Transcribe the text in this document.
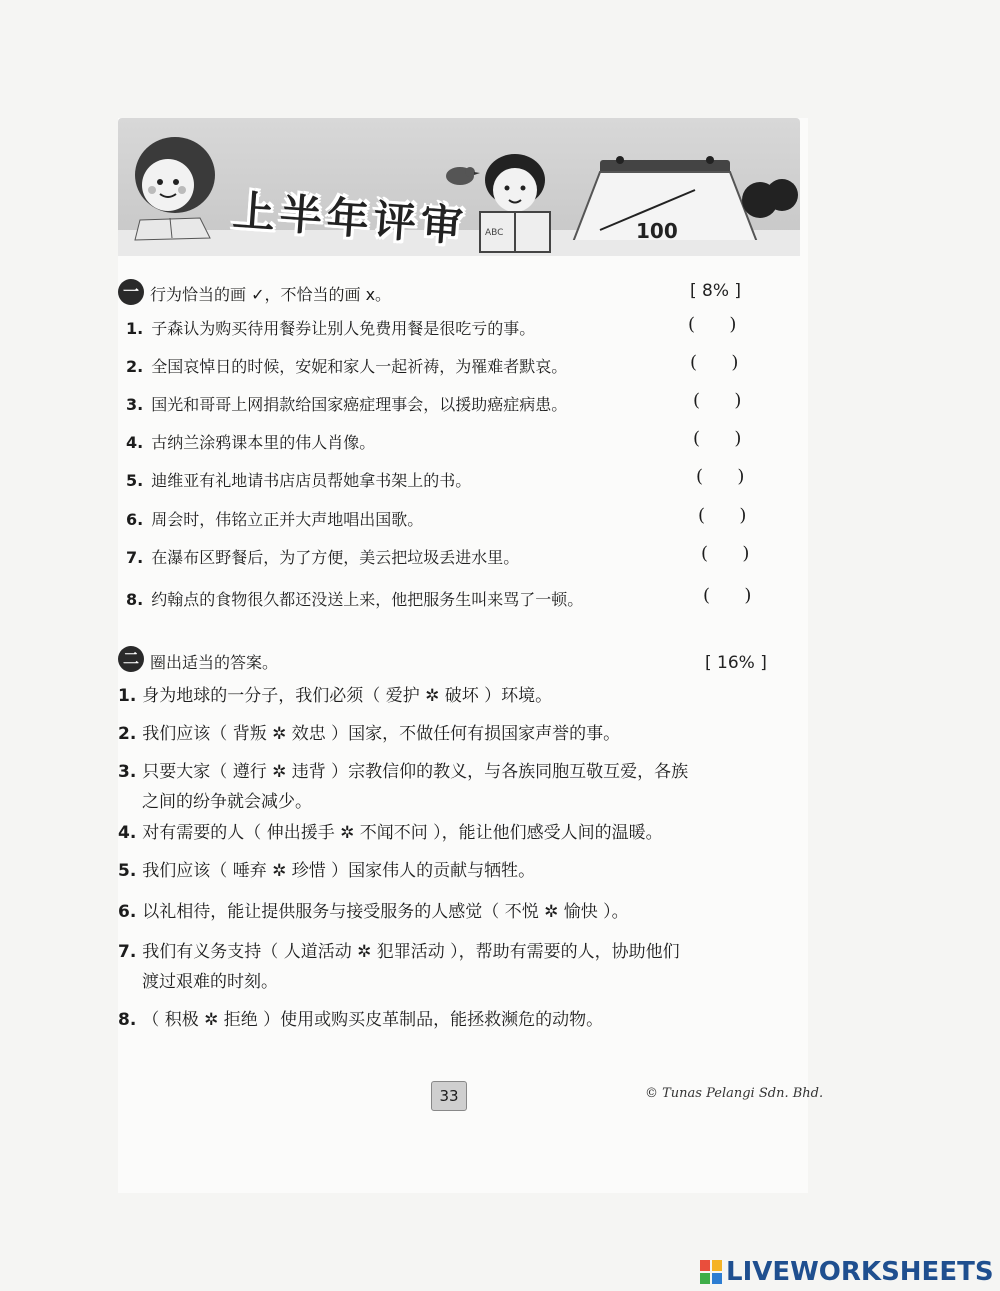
ABC	100
上半年评审
一 行为恰当的画 ✓，不恰当的画 x。	[ 8% ]
1. 子森认为购买待用餐券让别人免费用餐是很吃亏的事。	(      )
2. 全国哀悼日的时候，安妮和家人一起祈祷，为罹难者默哀。	(      )
3. 国光和哥哥上网捐款给国家癌症理事会，以援助癌症病患。	(      )
4. 古纳兰涂鸦课本里的伟人肖像。	(      )
5. 迪维亚有礼地请书店店员帮她拿书架上的书。	(      )
6. 周会时，伟铭立正并大声地唱出国歌。	(      )
7. 在瀑布区野餐后，为了方便，美云把垃圾丢进水里。	(      )
8. 约翰点的食物很久都还没送上来，他把服务生叫来骂了一顿。	(      )
二 圈出适当的答案。	[ 16% ]
1. 身为地球的一分子，我们必须（ 爱护 ✲ 破坏 ）环境。
2. 我们应该（ 背叛 ✲ 效忠 ）国家，不做任何有损国家声誉的事。
3. 只要大家（ 遵行 ✲ 违背 ）宗教信仰的教义，与各族同胞互敬互爱，各族
之间的纷争就会减少。
4. 对有需要的人（ 伸出援手 ✲ 不闻不问 ），能让他们感受人间的温暖。
5. 我们应该（ 唾弃 ✲ 珍惜 ）国家伟人的贡献与牺牲。
6. 以礼相待，能让提供服务与接受服务的人感觉（ 不悦 ✲ 愉快 ）。
7. 我们有义务支持（ 人道活动 ✲ 犯罪活动 ），帮助有需要的人，协助他们
渡过艰难的时刻。
8. （ 积极 ✲ 拒绝 ）使用或购买皮革制品，能拯救濒危的动物。
33	© Tunas Pelangi Sdn. Bhd.
LIVEWORKSHEETS
